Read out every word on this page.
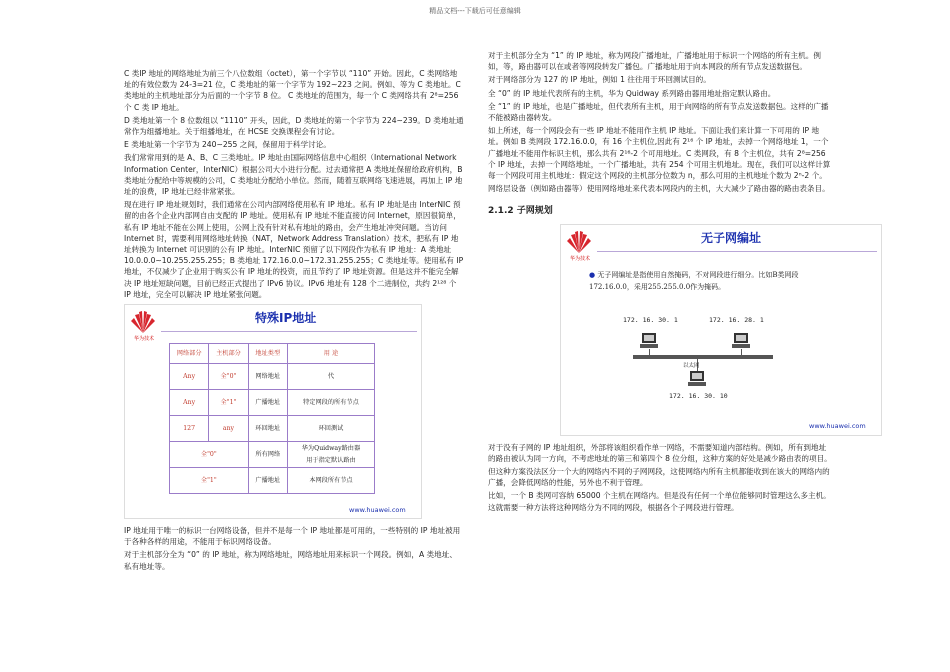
精品文档---下载后可任意编辑

C 类IP 地址的网络地址为前三个八位数组（octet），第一个字节以 “110” 开始。因此，C 类网络地址的有效位数为 24-3=21 位，C 类地址的第一个字节为 192~223 之间。例如、等为 C 类地址。C 类地址的主机地址部分为后面的一个字节 8 位。 C 类地址的范围为，每一个 C 类网络共有 2⁸=256 个 C 类 IP 地址。

D 类地址第一个 8 位数组以 “1110” 开头，因此，D 类地址的第一个字节为 224~239。D 类地址通常作为组播地址。关于组播地址，在 HCSE 交换课程会有讨论。

E 类地址第一个字节为 240~255 之间，保留用于科学讨论。

我们常常用到的是 A、B、C 三类地址。IP 地址由国际网络信息中心组织（International Network Information Center，InterNIC）根据公司大小进行分配。过去通常把 A 类地址保留给政府机构，B 类地址分配给中等规模的公司，C 类地址分配给小单位。然而，随着互联网络飞速进展，再加上 IP 地址的浪费，IP 地址已经非常紧张。

现在进行 IP 地址规划时，我们通常在公司内部网络使用私有 IP 地址。私有 IP 地址是由 InterNIC 预留的由各个企业内部网自由支配的 IP 地址。使用私有 IP 地址不能直接访问 Internet，原因很简单，私有 IP 地址不能在公网上使用，公网上没有针对私有地址的路由，会产生地址冲突问题。当访问 Internet 时，需要利用网络地址转换（NAT，Network Address Translation）技术，把私有 IP 地址转换为 Internet 可识别的公有 IP 地址。InterNIC 预留了以下网段作为私有 IP 地址：A 类地址 10.0.0.0~10.255.255.255；B 类地址 172.16.0.0~172.31.255.255；C 类地址等。使用私有 IP 地址，不仅减少了企业用于购买公有 IP 地址的投资，而且节约了 IP 地址资源。但是这并不能完全解决 IP 地址短缺问题，目前已经正式提出了 IPv6 协议。IPv6 地址有 128 个二进制位，共约 2¹²⁸ 个 IP 地址，完全可以解决 IP 地址紧张问题。

华为技术
特殊IP地址
网络部分	主机部分	地址类型	用 途
Any	全"0"	网络地址	代
Any	全"1"	广播地址	特定网段的所有节点
127	any	环回地址	环回测试
全"0"		所有网络	华为Quidway路由器
用于指定默认路由
全"1"		广播地址	本网段所有节点
www.huawei.com

IP 地址用于唯一的标识一台网络设备，但并不是每一个 IP 地址都是可用的，一些特别的 IP 地址被用于各种各样的用途，不能用于标识网络设备。

对于主机部分全为 “0” 的 IP 地址，称为网络地址，网络地址用来标识一个网段。例如，A 类地址、私有地址等。

对于主机部分全为 “1” 的 IP 地址，称为网段广播地址，广播地址用于标识一个网络的所有主机。例如，等，路由器可以在或者等网段转发广播包。广播地址用于向本网段的所有节点发送数据包。

对于网络部分为 127 的 IP 地址，例如 1 往往用于环回测试目的。

全 “0” 的 IP 地址代表所有的主机，华为 Quidway 系列路由器用地址指定默认路由。

全 “1” 的 IP 地址，也是广播地址，但代表所有主机，用于向网络的所有节点发送数据包。这样的广播不能被路由器转发。

如上所述，每一个网段会有一些 IP 地址不能用作主机 IP 地址。下面让我们来计算一下可用的 IP 地址。例如 B 类网段 172.16.0.0，有 16 个主机位,因此有 2¹⁶ 个 IP 地址，去掉一个网络地址 1，一个广播地址不能用作标识主机，那么共有 2¹⁶-2 个可用地址。C 类网段，有 8 个主机位，共有 2⁸=256 个 IP 地址，去掉一个网络地址，一个广播地址，共有 254 个可用主机地址。现在，我们可以这样计算每一个网段可用主机地址：假定这个网段的主机部分位数为 n，那么可用的主机地址个数为 2ⁿ-2 个。

网络层设备（例如路由器等）使用网络地址来代表本网段内的主机，大大减少了路由器的路由表条目。

2.1.2 子网规划
华为技术
无子网编址
● 无子网编址是指使用自然掩码，不对网段进行细分。比如B类网段172.16.0.0，采用255.255.0.0作为掩码。
172. 16. 30. 1	172. 16. 28. 1
以太网
172. 16. 30. 10
www.huawei.com

对于没有子网的 IP 地址组织，外部将该组织看作单一网络，不需要知道内部结构。例如，所有到地址的路由被认为同一方向，不考虑地址的第三和第四个 8 位分组，这种方案的好处是减少路由表的项目。

但这种方案没法区分一个大的网络内不同的子网网段，这使网络内所有主机都能收到在该大的网络内的广播，会降低网络的性能，另外也不利于管理。

比如，一个 B 类网可容纳 65000 个主机在网络内。但是没有任何一个单位能够同时管理这么多主机。这就需要一种方法将这种网络分为不同的网段，根据各个子网段进行管理。
